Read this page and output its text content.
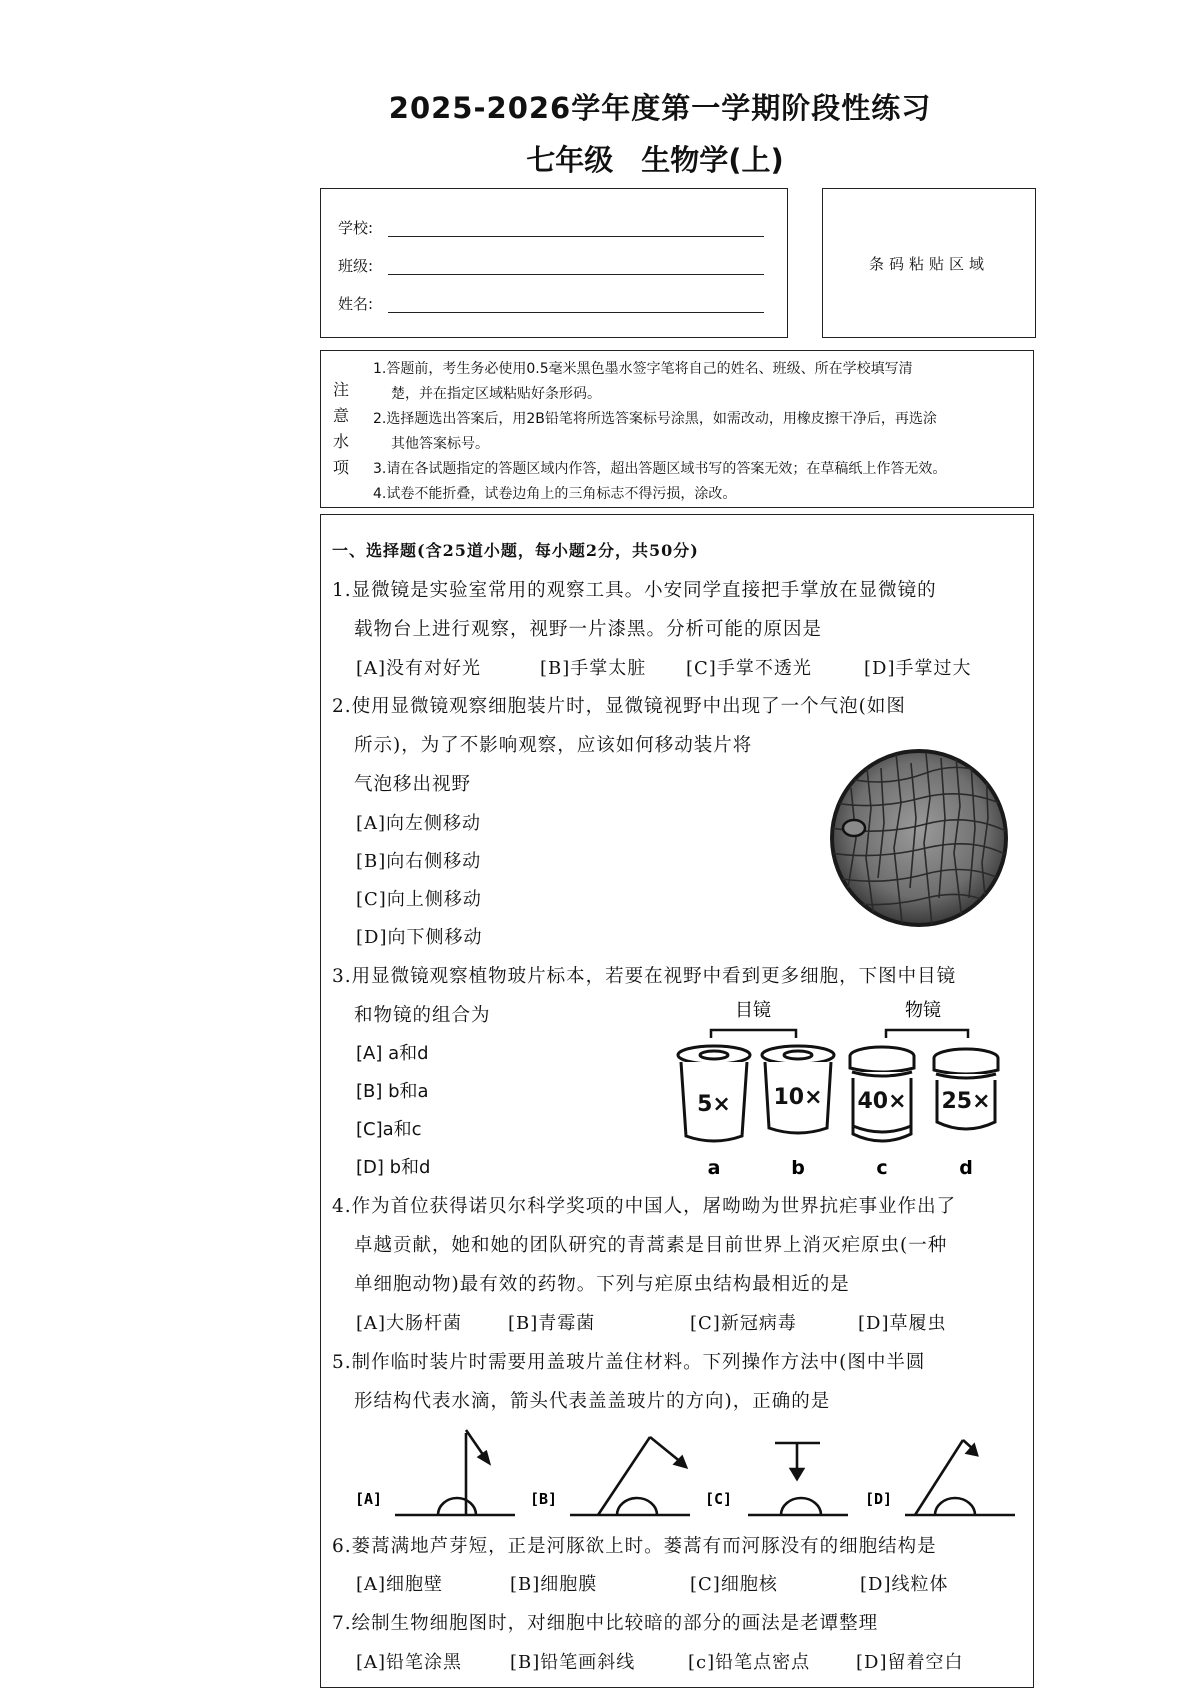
2025-2026学年度第一学期阶段性练习
七年级 生物学(上)
学校:
班级:
姓名:
条码粘贴区域
注
意
水
项
1.答题前，考生务必使用0.5毫米黑色墨水签字笔将自己的姓名、班级、所在学校填写清
楚，并在指定区域粘贴好条形码。
2.选择题选出答案后，用2B铅笔将所选答案标号涂黑，如需改动，用橡皮擦干净后，再选涂
其他答案标号。
3.请在各试题指定的答题区域内作答，超出答题区域书写的答案无效；在草稿纸上作答无效。
4.试卷不能折叠，试卷边角上的三角标志不得污损，涂改。
一、选择题(含25道小题，每小题2分，共50分)
1.显微镜是实验室常用的观察工具。小安同学直接把手掌放在显微镜的
载物台上进行观察，视野一片漆黑。分析可能的原因是
[A]没有对好光	[B]手掌太脏 [C]手掌不透光	[D]手掌过大
2.使用显微镜观察细胞装片时，显微镜视野中出现了一个气泡(如图
所示)，为了不影响观察，应该如何移动装片将
气泡移出视野
[A]向左侧移动
[B]向右侧移动
[C]向上侧移动
[D]向下侧移动
3.用显微镜观察植物玻片标本，若要在视野中看到更多细胞，下图中目镜
和物镜的组合为
[A] a和d
[B] b和a
[C]a和c
[D] b和d
目镜	物镜
5× 10× 40× 25×
a	b	c	d
4.作为首位获得诺贝尔科学奖项的中国人，屠呦呦为世界抗疟事业作出了
卓越贡献，她和她的团队研究的青蒿素是目前世界上消灭疟原虫(一种
单细胞动物)最有效的药物。下列与疟原虫结构最相近的是
[A]大肠杆菌	[B]青霉菌	[C]新冠病毒	[D]草履虫
5.制作临时装片时需要用盖玻片盖住材料。下列操作方法中(图中半圆
形结构代表水滴，箭头代表盖盖玻片的方向)，正确的是
[A]	[B]	[C]	[D]
6.蒌蒿满地芦芽短，正是河豚欲上时。蒌蒿有而河豚没有的细胞结构是
[A]细胞壁	[B]细胞膜	[C]细胞核	[D]线粒体
7.绘制生物细胞图时，对细胞中比较暗的部分的画法是老谭整理
[A]铅笔涂黑	[B]铅笔画斜线	[c]铅笔点密点	[D]留着空白
